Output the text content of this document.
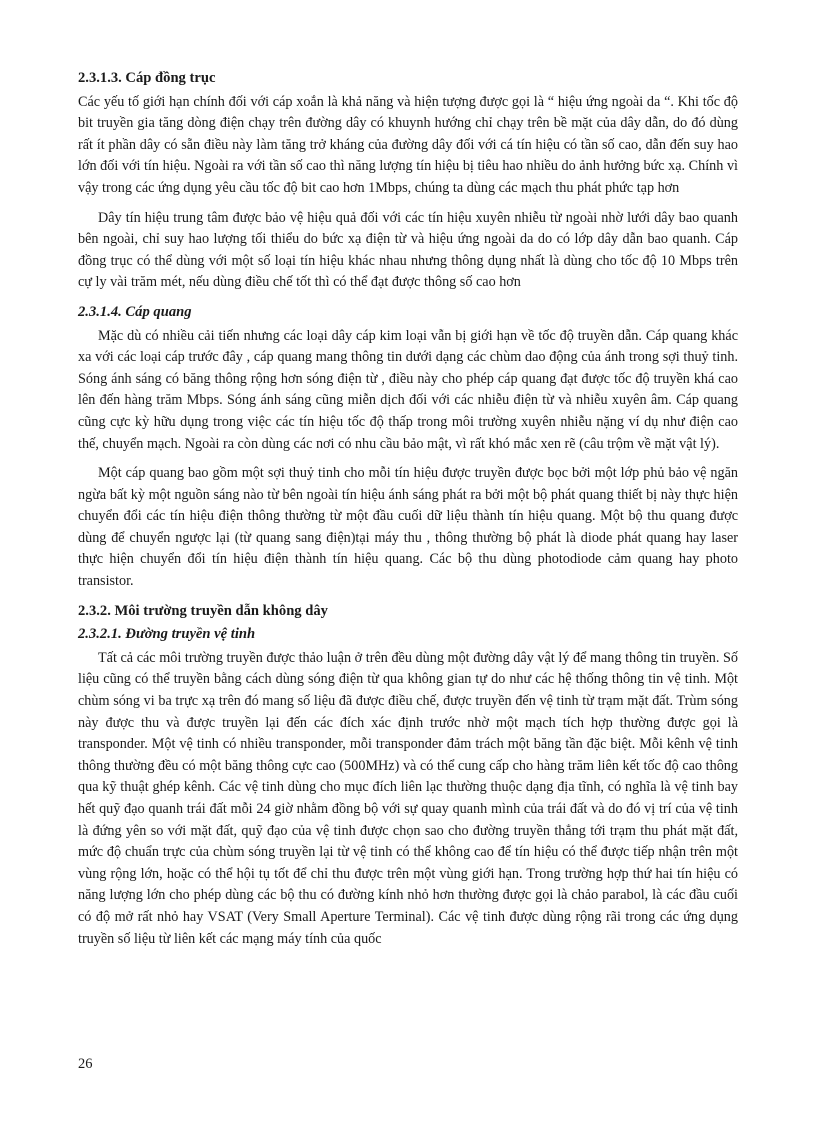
2.3.1.3. Cáp đồng trục

Các yếu tố giới hạn chính đối với cáp xoắn là khả năng và hiện tượng được gọi là “ hiệu ứng ngoài da “. Khi tốc độ bit truyền gia tăng dòng điện chạy trên đường dây có khuynh hướng chỉ chạy trên bề mặt của dây dẫn, do đó dùng rất ít phần dây có sẵn điều này làm tăng trở kháng của đường dây đối với cá tín hiệu có tần số cao, dẫn đến suy hao lớn đối với tín hiệu. Ngoài ra với tần số cao thì năng lượng tín hiệu bị tiêu hao nhiều do ảnh hưởng bức xạ. Chính vì vậy trong các ứng dụng yêu cầu tốc độ bit cao hơn 1Mbps, chúng ta dùng các mạch thu phát phức tạp hơn

Dây tín hiệu trung tâm được bảo vệ hiệu quả đối với các tín hiệu xuyên nhiễu từ ngoài nhờ lưới dây bao quanh bên ngoài, chỉ suy hao lượng tối thiểu do bức xạ điện từ và hiệu ứng ngoài da do có lớp dây dẫn bao quanh. Cáp đồng trục có thể dùng với một số loại tín hiệu khác nhau nhưng thông dụng nhất là dùng cho tốc độ 10 Mbps trên cự ly vài trăm mét, nếu dùng điều chế tốt thì có thể đạt được thông số cao hơn

2.3.1.4. Cáp quang

Mặc dù có nhiều cải tiến nhưng các loại dây cáp kim loại vẫn bị giới hạn về tốc độ truyền dẫn. Cáp quang khác xa với các loại cáp trước đây , cáp quang mang thông tin dưới dạng các chùm dao động của ánh trong sợi thuỷ tinh. Sóng ánh sáng có băng thông rộng hơn sóng điện từ , điều này cho phép cáp quang đạt được tốc độ truyền khá cao lên đến hàng trăm Mbps. Sóng ánh sáng cũng miễn dịch đối với các nhiễu điện từ và nhiễu xuyên âm. Cáp quang cũng cực kỳ hữu dụng trong việc các tín hiệu tốc độ thấp trong môi trường xuyên nhiễu nặng ví dụ như điện cao thế, chuyển mạch. Ngoài ra còn dùng các nơi có nhu cầu bảo mật, vì rất khó mắc xen rẽ (câu trộm về mặt vật lý).

Một cáp quang bao gồm một sợi thuỷ tinh cho mỗi tín hiệu được truyền được bọc bởi một lớp phủ bảo vệ ngăn ngừa bất kỳ một nguồn sáng nào từ bên ngoài tín hiệu ánh sáng phát ra bởi một bộ phát quang thiết bị này thực hiện chuyển đổi các tín hiệu điện thông thường từ một đầu cuối dữ liệu thành tín hiệu quang. Một bộ thu quang được dùng để chuyển ngược lại (từ quang sang điện)tại máy thu , thông thường bộ phát là diode phát quang hay laser thực hiện chuyển đổi tín hiệu điện thành tín hiệu quang. Các bộ thu dùng photodiode cảm quang hay photo transistor.

2.3.2. Môi trường truyền dẫn không dây
2.3.2.1. Đường truyền vệ tinh

Tất cả các môi trường truyền được thảo luận ở trên đều dùng một đường dây vật lý để mang thông tin truyền. Số liệu cũng có thể truyền bằng cách dùng sóng điện từ qua không gian tự do như các hệ thống thông tin vệ tinh. Một chùm sóng vi ba trực xạ trên đó mang số liệu đã được điều chế, được truyền đến vệ tinh từ trạm mặt đất. Trùm sóng này được thu và được truyền lại đến các đích xác định trước nhờ một mạch tích hợp thường được gọi là transponder. Một vệ tinh có nhiều transponder, mỗi transponder đảm trách một băng tần đặc biệt. Mỗi kênh vệ tinh thông thường đều có một băng thông cực cao (500MHz) và có thể cung cấp cho hàng trăm liên kết tốc độ cao thông qua kỹ thuật ghép kênh. Các vệ tinh dùng cho mục đích liên lạc thường thuộc dạng địa tĩnh, có nghĩa là vệ tinh bay hết quỹ đạo quanh trái đất mỗi 24 giờ nhằm đồng bộ với sự quay quanh mình của trái đất và do đó vị trí của vệ tinh là đứng yên so với mặt đất, quỹ đạo của vệ tinh được chọn sao cho đường truyền thẳng tới trạm thu phát mặt đất, mức độ chuẩn trực của chùm sóng truyền lại từ vệ tinh có thể không cao để tín hiệu có thể được tiếp nhận trên một vùng rộng lớn, hoặc có thể hội tụ tốt để chỉ thu được trên một vùng giới hạn. Trong trường hợp thứ hai tín hiệu có năng lượng lớn cho phép dùng các bộ thu có đường kính nhỏ hơn thường được gọi là chảo parabol, là các đầu cuối có độ mở rất nhỏ hay VSAT (Very Small Aperture Terminal). Các vệ tinh được dùng rộng rãi trong các ứng dụng truyền số liệu từ liên kết các mạng máy tính của quốc

26
